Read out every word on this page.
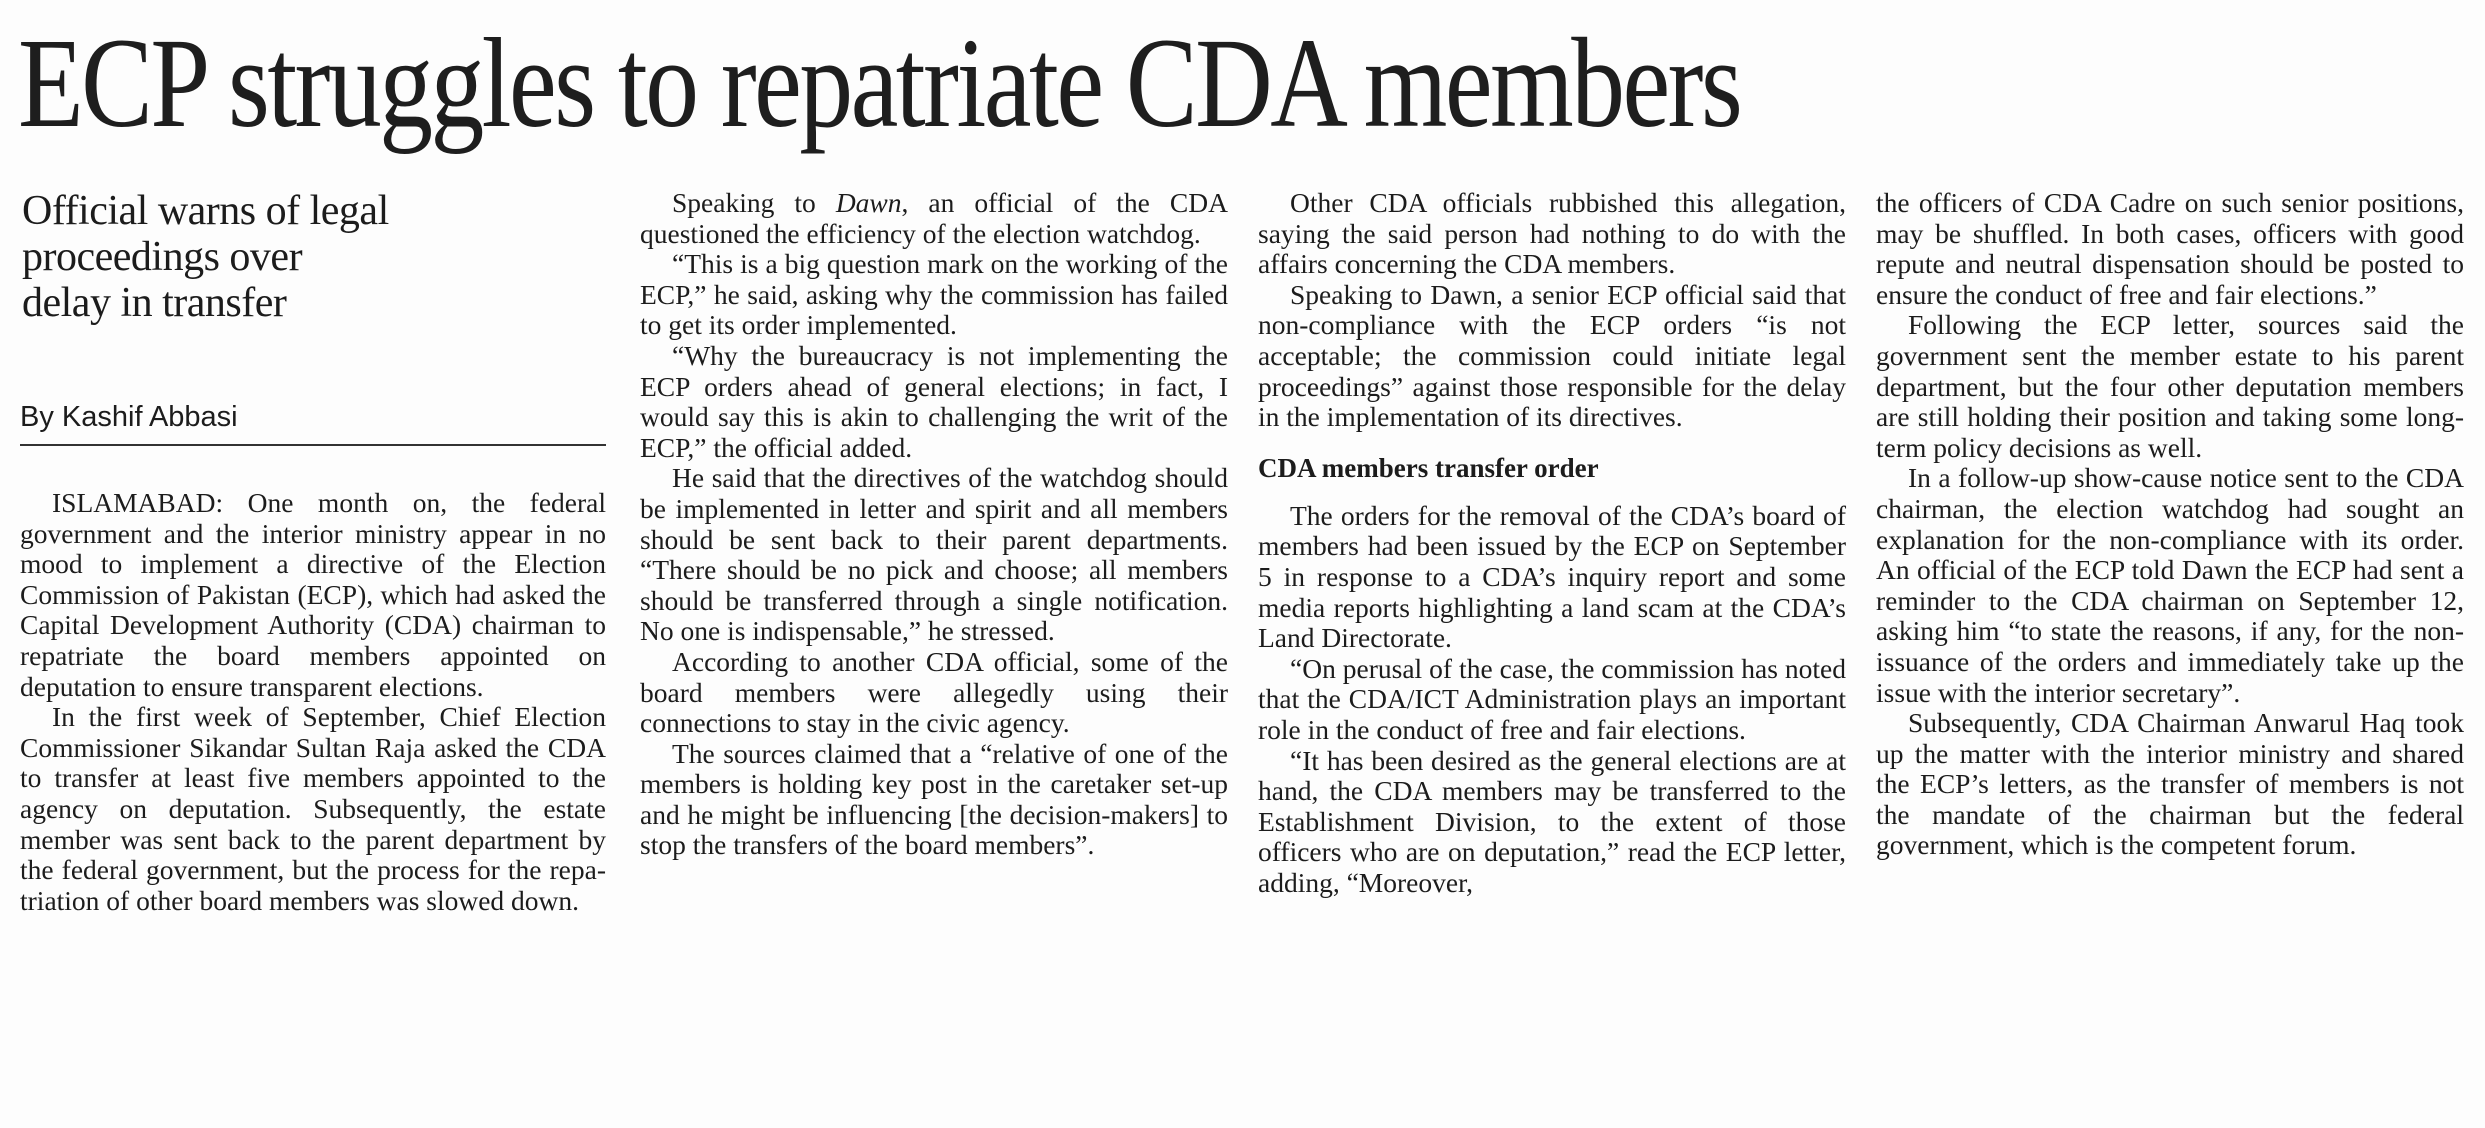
ECP struggles to repatriate CDA members
Official warns of legal
proceedings over
delay in transfer
By Kashif Abbasi

ISLAMABAD: One month on, the federal government and the interior ministry appear in no mood to implement a directive of the Election Commission of Pakistan (ECP), which had asked the Capital Development Authority (CDA) chairman to repatriate the board members appointed on deputation to ensure transparent elections.

In the first week of September, Chief Election Commissioner Sikandar Sultan Raja asked the CDA to transfer at least five members appointed to the agency on deputation. Subsequently, the estate member was sent back to the parent department by the federal government, but the process for the repatriation of other board members was slowed down.

Speaking to Dawn, an official of the CDA questioned the efficiency of the election watchdog.

“This is a big question mark on the working of the ECP,” he said, asking why the commission has failed to get its order implemented.

“Why the bureaucracy is not implementing the ECP orders ahead of general elections; in fact, I would say this is akin to challenging the writ of the ECP,” the official added.

He said that the directives of the watchdog should be implemented in letter and spirit and all members should be sent back to their parent departments. “There should be no pick and choose; all members should be transferred through a single notification. No one is indispensable,” he stressed.

According to another CDA official, some of the board members were allegedly using their connections to stay in the civic agency.

The sources claimed that a “relative of one of the members is holding key post in the caretaker set-up and he might be influencing [the decision-makers] to stop the transfers of the board members”.

Other CDA officials rubbished this allegation, saying the said person had nothing to do with the affairs concerning the CDA members.

Speaking to Dawn, a senior ECP official said that non-compliance with the ECP orders “is not acceptable; the commission could initiate legal proceedings” against those responsible for the delay in the implementation of its directives.

CDA members transfer order

The orders for the removal of the CDA’s board of members had been issued by the ECP on September 5 in response to a CDA’s inquiry report and some media reports highlighting a land scam at the CDA’s Land Directorate.

“On perusal of the case, the commission has noted that the CDA/ICT Administration plays an important role in the conduct of free and fair elections.

“It has been desired as the general elections are at hand, the CDA members may be transferred to the Establishment Division, to the extent of those officers who are on deputation,” read the ECP letter, adding, “Moreover,

the officers of CDA Cadre on such senior positions, may be shuffled. In both cases, officers with good repute and neutral dispensation should be posted to ensure the conduct of free and fair elections.”

Following the ECP letter, sources said the government sent the member estate to his parent department, but the four other deputation members are still holding their position and taking some long-term policy decisions as well.

In a follow-up show-cause notice sent to the CDA chairman, the election watchdog had sought an explanation for the non-compliance with its order. An official of the ECP told Dawn the ECP had sent a reminder to the CDA chairman on September 12, asking him “to state the reasons, if any, for the non-issuance of the orders and immediately take up the issue with the interior secretary”.

Subsequently, CDA Chairman Anwarul Haq took up the matter with the interior ministry and shared the ECP’s letters, as the transfer of members is not the mandate of the chairman but the federal government, which is the competent forum.
